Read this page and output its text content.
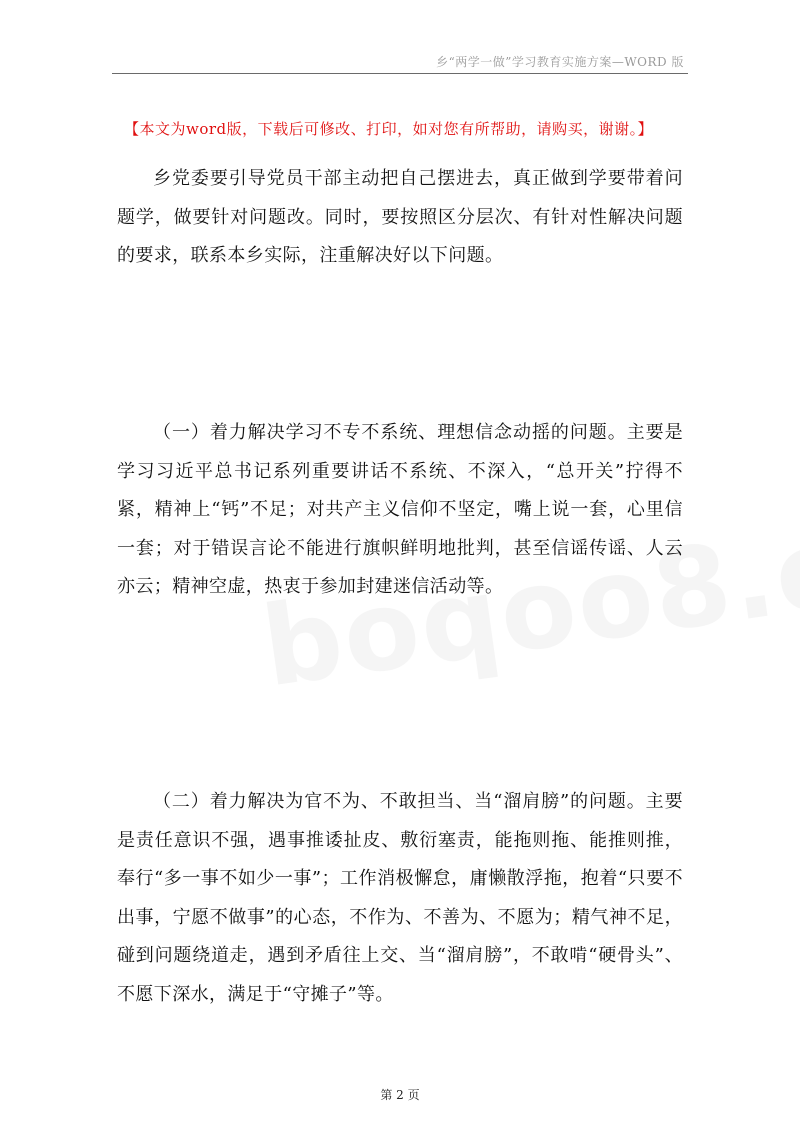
乡“两学一做”学习教育实施方案—WORD 版
【本文为word版，下载后可修改、打印，如对您有所帮助，请购买，谢谢。】

乡党委要引导党员干部主动把自己摆进去，真正做到学要带着问题学，做要针对问题改。同时，要按照区分层次、有针对性解决问题的要求，联系本乡实际，注重解决好以下问题。

（一）着力解决学习不专不系统、理想信念动摇的问题。主要是学习习近平总书记系列重要讲话不系统、不深入，“总开关”拧得不紧，精神上“钙”不足；对共产主义信仰不坚定，嘴上说一套，心里信一套；对于错误言论不能进行旗帜鲜明地批判，甚至信谣传谣、人云亦云；精神空虚，热衷于参加封建迷信活动等。

（二）着力解决为官不为、不敢担当、当“溜肩膀”的问题。主要是责任意识不强，遇事推诿扯皮、敷衍塞责，能拖则拖、能推则推，奉行“多一事不如少一事”；工作消极懈怠，庸懒散浮拖，抱着“只要不出事，宁愿不做事”的心态，不作为、不善为、不愿为；精气神不足，碰到问题绕道走，遇到矛盾往上交、当“溜肩膀”，不敢啃“硬骨头”、不愿下深水，满足于“守摊子”等。

第 2 页
